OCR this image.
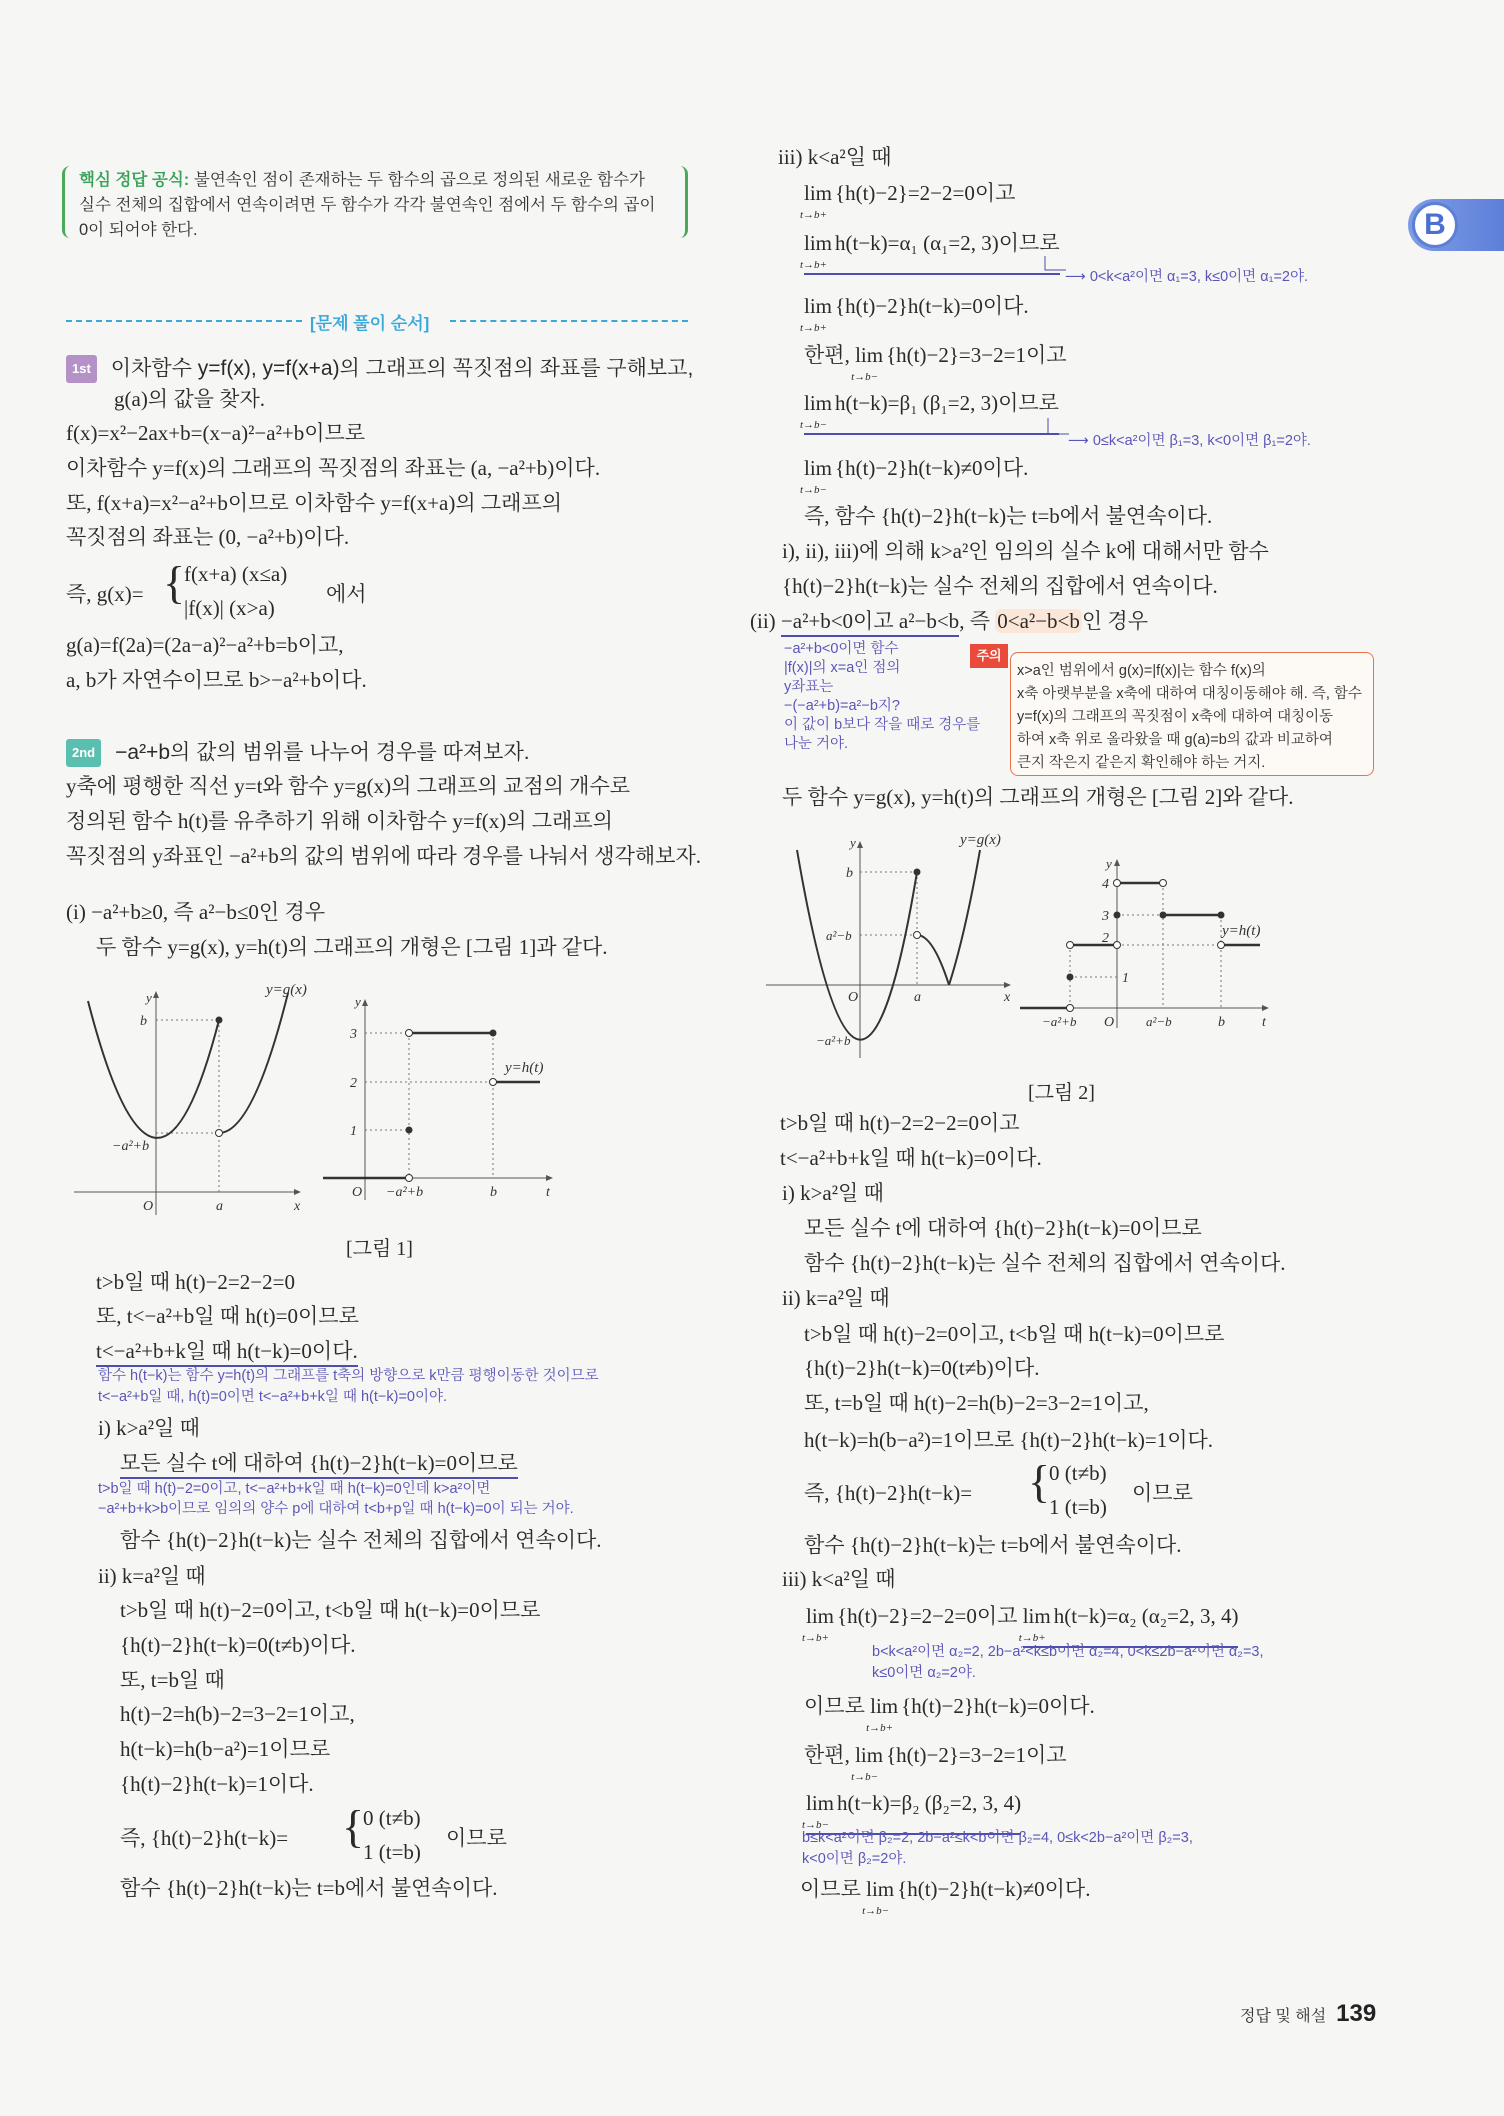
B
핵심 정답 공식: 불연속인 점이 존재하는 두 함수의 곱으로 정의된 새로운 함수가
실수 전체의 집합에서 연속이려면 두 함수가 각각 불연속인 점에서 두 함수의 곱이
0이 되어야 한다.
[문제 풀이 순서]
1st 이차함수 y=f(x), y=f(x+a)의 그래프의 꼭짓점의 좌표를 구해보고,
g(a)의 값을 찾자.
f(x)=x²−2ax+b=(x−a)²−a²+b이므로
이차함수 y=f(x)의 그래프의 꼭짓점의 좌표는 (a, −a²+b)이다.
또, f(x+a)=x²−a²+b이므로 이차함수 y=f(x+a)의 그래프의
꼭짓점의 좌표는 (0, −a²+b)이다.
즉, g(x)= {
f(x+a) (x≤a)
|f(x)| (x>a)
에서
g(a)=f(2a)=(2a−a)²−a²+b=b이고,
a, b가 자연수이므로 b>−a²+b이다.
2nd −a²+b의 값의 범위를 나누어 경우를 따져보자.
y축에 평행한 직선 y=t와 함수 y=g(x)의 그래프의 교점의 개수로
정의된 함수 h(t)를 유추하기 위해 이차함수 y=f(x)의 그래프의
꼭짓점의 y좌표인 −a²+b의 값의 범위에 따라 경우를 나눠서 생각해보자.
(i) −a²+b≥0, 즉 a²−b≤0인 경우
두 함수 y=g(x), y=h(t)의 그래프의 개형은 [그림 1]과 같다.
[그림 1]
t>b일 때 h(t)−2=2−2=0
또, t<−a²+b일 때 h(t)=0이므로
t<−a²+b+k일 때 h(t−k)=0이다.
함수 h(t−k)는 함수 y=h(t)의 그래프를 t축의 방향으로 k만큼 평행이동한 것이므로
t<−a²+b일 때, h(t)=0이면 t<−a²+b+k일 때 h(t−k)=0이야.
i) k>a²일 때
모든 실수 t에 대하여 {h(t)−2}h(t−k)=0이므로
t>b일 때 h(t)−2=0이고, t<−a²+b+k일 때 h(t−k)=0인데 k>a²이면
−a²+b+k>b이므로 임의의 양수 p에 대하여 t<b+p일 때 h(t−k)=0이 되는 거야.
함수 {h(t)−2}h(t−k)는 실수 전체의 집합에서 연속이다.
ii) k=a²일 때
t>b일 때 h(t)−2=0이고, t<b일 때 h(t−k)=0이므로
{h(t)−2}h(t−k)=0(t≠b)이다.
또, t=b일 때
h(t)−2=h(b)−2=3−2=1이고,
h(t−k)=h(b−a²)=1이므로
{h(t)−2}h(t−k)=1이다.
즉, {h(t)−2}h(t−k)= {
0 (t≠b)
1 (t=b)
이므로
함수 {h(t)−2}h(t−k)는 t=b에서 불연속이다.
iii) k<a²일 때
lim
t→b+
{h(t)−2}=2−2=0이고
lim
t→b+
h(t−k)=α₁ (α₁=2, 3)이므로
⟶ 0<k<a²이면 α₁=3, k≤0이면 α₁=2야.
lim
t→b+
{h(t)−2}h(t−k)=0이다.
한편, lim
t→b−
{h(t)−2}=3−2=1이고
lim
t→b−
h(t−k)=β₁ (β₁=2, 3)이므로
⟶ 0≤k<a²이면 β₁=3, k<0이면 β₁=2야.
lim
t→b−
{h(t)−2}h(t−k)≠0이다.
즉, 함수 {h(t)−2}h(t−k)는 t=b에서 불연속이다.
i), ii), iii)에 의해 k>a²인 임의의 실수 k에 대해서만 함수
{h(t)−2}h(t−k)는 실수 전체의 집합에서 연속이다.
(ii) −a²+b<0이고 a²−b<b, 즉 0<a²−b<b인 경우
−a²+b<0이면 함수
|f(x)|의 x=a인 점의
y좌표는
−(−a²+b)=a²−b지?
이 값이 b보다 작을 때로 경우를
나눈 거야.
주의
x>a인 범위에서 g(x)=|f(x)|는 함수 f(x)의
x축 아랫부분을 x축에 대하여 대칭이동해야 해. 즉, 함수
y=f(x)의 그래프의 꼭짓점이 x축에 대하여 대칭이동
하여 x축 위로 올라왔을 때 g(a)=b의 값과 비교하여
큰지 작은지 같은지 확인해야 하는 거지.
두 함수 y=g(x), y=h(t)의 그래프의 개형은 [그림 2]와 같다.
[그림 2]
t>b일 때 h(t)−2=2−2=0이고
t<−a²+b+k일 때 h(t−k)=0이다.
i) k>a²일 때
모든 실수 t에 대하여 {h(t)−2}h(t−k)=0이므로
함수 {h(t)−2}h(t−k)는 실수 전체의 집합에서 연속이다.
ii) k=a²일 때
t>b일 때 h(t)−2=0이고, t<b일 때 h(t−k)=0이므로
{h(t)−2}h(t−k)=0(t≠b)이다.
또, t=b일 때 h(t)−2=h(b)−2=3−2=1이고,
h(t−k)=h(b−a²)=1이므로 {h(t)−2}h(t−k)=1이다.
즉, {h(t)−2}h(t−k)= {
0 (t≠b)
1 (t=b)
이므로
함수 {h(t)−2}h(t−k)는 t=b에서 불연속이다.
iii) k<a²일 때
lim
t→b+
{h(t)−2}=2−2=0이고 lim
t→b+
h(t−k)=α₂ (α₂=2, 3, 4)
b<k<a²이면 α₂=2, 2b−a²<k≤b이면 α₂=4, 0<k≤2b−a²이면 α₂=3,
k≤0이면 α₂=2야.
이므로 lim
t→b+
{h(t)−2}h(t−k)=0이다.
한편, lim
t→b−
{h(t)−2}=3−2=1이고
lim
t→b−
h(t−k)=β₂ (β₂=2, 3, 4)
b≤k<a²이면 β₂=2, 2b−a²≤k<b이면 β₂=4, 0≤k<2b−a²이면 β₂=3,
k<0이면 β₂=2야.
이므로 lim
t→b−
{h(t)−2}h(t−k)≠0이다.
정답 및 해설 139
y
b
−a²+b
O	a	x
y=g(x)
y
3
2
1
O −a²+b	b	t
y=h(t)
y
b
a²−b
O	a	x
−a²+b
y=g(x)
y
4
3
2
1
O
−a²+b	a²−b	b	t
y=h(t)
